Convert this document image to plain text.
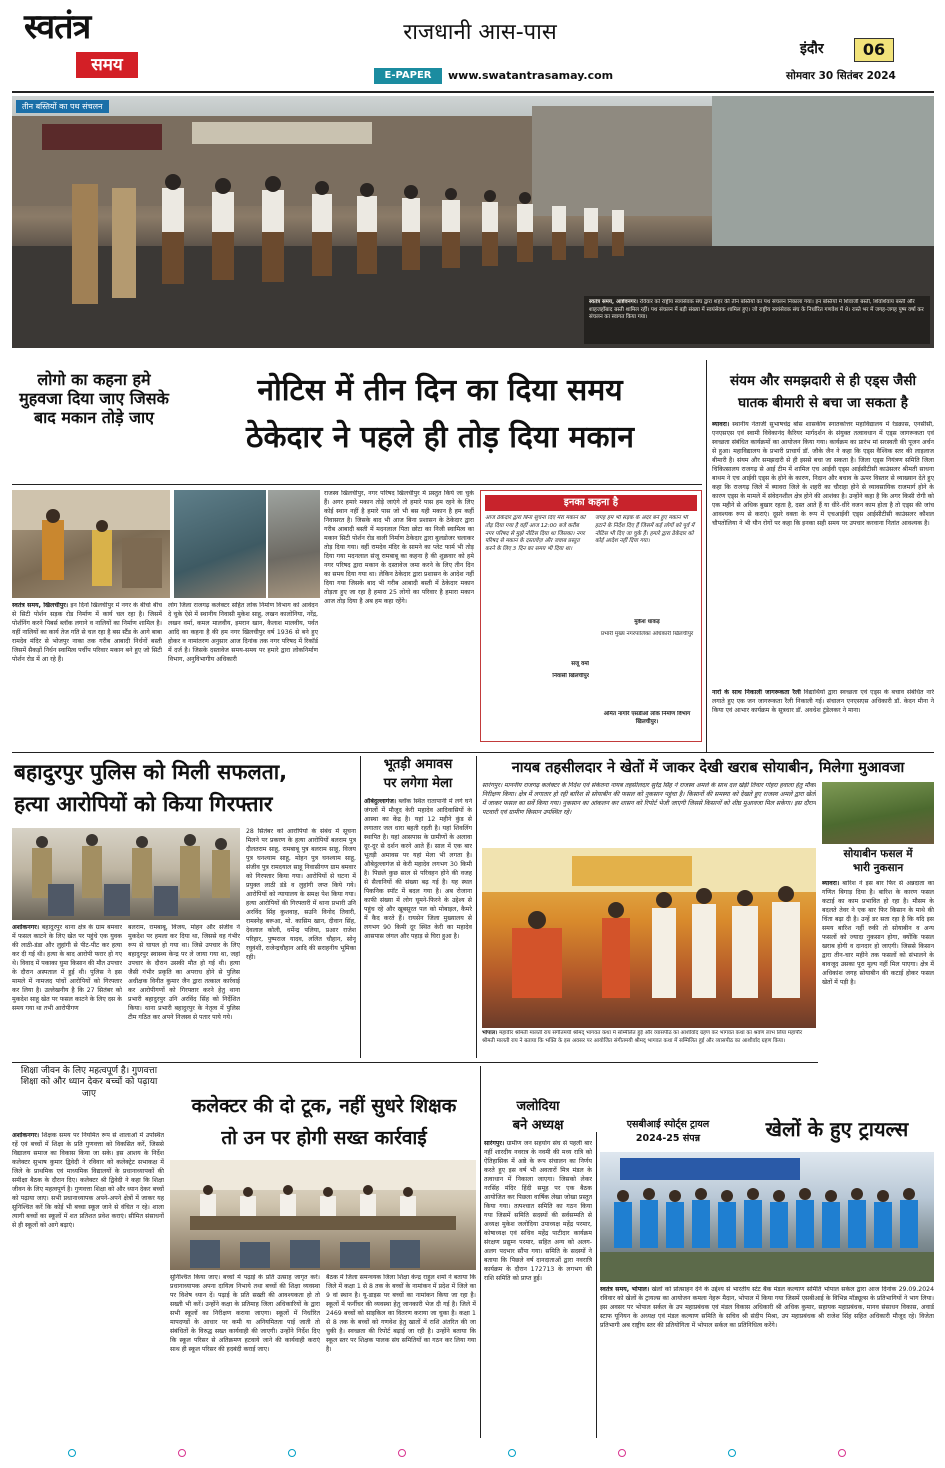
स्वतंत्र
समय
राजधानी आस-पास
E-PAPER	www.swatantrasamay.com
इंदौर	06
सोमवार 30 सितंबर 2024
तीन बस्तियों का पथ संचलन
स्वतंत्र समय, आष्टेवनगर। रविवार को राष्ट्रीय स्वयंसेवक संघ द्वारा शहर की तीन बस्तियों का पथ संचलन निकाला गया। इन बस्तियों में शिवाजी बस्ती, शिवशिवाय बस्ती और शाहजहाँबाद बस्ती शामिल रहीं। पथ संचलन में बड़ी संख्या में स्वयंसेवक शामिल हुए। जो राष्ट्रीय स्वयंसेवक संघ के निर्धारित गणवेश में थे। रास्ते भर में जगह-जगह पुष्प वर्षा कर संचलन का स्वागत किया गया।
लोगो का कहना हमे मुहवजा दिया जाए जिसके बाद मकान तोड़े जाए
नोटिस में तीन दिन का दिया समय
ठेकेदार ने पहले ही तोड़ दिया मकान
स्वतंत्र समय, खिलचीपुर। इन दिनों खिलचीपुर में नगर के बीचो बीच से सिटी पोर्शन सड़क रोड निर्माण में कार्य चल रहा है। जिसमें पोर्शनिंग करने पिबर्स ब्लॉक लगाने व नालियों का निर्माण शामिल है। वहीं नालियों का कार्य तेज गति से चल रहा है बस स्टैंड के आगे बाबा रामदेव मंदिर से भोजपुर नाका तक गरीब आबादी निर्धनों बस्ती जिसमें सैकड़ों निर्धन स्वामित्व पर्चीप परिवार मकान बने हुए जो सिटी पोर्शन रोड में आ रहे हैं।
लोग जिला राजगढ़ कलेक्टर सहित लोक निर्माण विभाग को आवेदन दे चुके ऐसे में स्थानीय निवासी मुकेश साहू, लखन कालोनिया, नरेंद्र, लखन वर्मा, कमल मालवीय, इमरान खान, कैलाश मालवीय, पर्वत आदि का कहना है की हम नगर खिलचीपुर वर्ष 1936 से बने हुए होकर व नामांतरण अनुसार आज दिनांक तक नगर परिषद में रिकॉर्ड में दर्ज है। जिसके दस्तावेज समय-समय पर हमारे द्वारा लोकनिर्माण विभाग, अनुविभागीय अधिकारी
राजस्व खिलचीपुर, नगर परिषद खिलचीपुर में प्रस्तुत किये जा चुके हैं। अगर हमारे मकान तोड़े जाएंगे तो हमारे पास हम रहने के लिए कोई स्थान नहीं है हमारे पास जो भी बस यही मकान है हम कहीं निवासरत है। जिसके बाद भी आज बिना प्रशासन के ठेकेदार द्वारा गरीब आबादी बस्ती में मदनलाल पिता छोटा का निजी स्वामित्व का मकान सिटी पोर्शन रोड वाली निर्माण ठेकेदार द्वारा बुलडोजर चलाकर तोड़ दिया गया। वहीं रामदेव मंदिर के सामने का प्लेट फार्म भी तोड़ दिया गया मदनलाल संजू रामबाबू का कहना है की शुक्रवार को हमे नगर परिषद द्वारा मकान के दस्तावेज जमा करने के लिए तीन दिन का समय दिया गया था। लेकिन ठेकेदार द्वारा प्रशासन के आदेश नहीं दिया गया जिसके बाद भी गरीब आबादी बस्ती में ठेकेदार मकान तोड़ता हुए जा रहा है हमारा 25 लोगो का परिवार है हमारा मकान आज तोड़ दिया है अब हम कहा रहेंगे।
इनका कहना है
आज ठेकेदार द्वारा बिना सूचना दिए मेरा मकान को तोड़ दिया गया है वहीं आज 12:00 बजे करीब नगर परिषद से मुझे नोटिस दिया था जिसका। नगर परिषद से मकान के दस्तावेज़ और जवाब प्रस्तुत करने के लिए 3 दिन का समय भी दिया था।
संजू वर्मा
निवासी खिलचीपुर
जगह हम भी सड़क के अंदर बने हुए मकान भी हटाने के निर्देश दिए हैं जिसमें कई लोगों को पूर्व में नोटिस भी दिए जा चुके हैं। हमारे द्वारा ठेकेदार को कोई आदेश नहीं दिया गया।
मुकेश धाकड़
प्रभारी मुख्य नगरपालिका अधिकारी खिलचीपुर
अमित नागोरे एसडीओ लोक निर्माण विभाग खिलचीपुर।
संयम और समझदारी से ही एड्स जैसी
घातक बीमारी से बचा जा सकता है
ब्यावरा। स्थानीय नेताजी सुभाषचंद्र बोस शासकीय स्नातकोत्तर महाविद्यालय में रेडक्रास, एनसीसी, एनएसएस एवं स्वामी विवेकानंद कैरियर मार्गदर्शन के संयुक्त तत्वावधान में एड्स जागरूकता एवं स्वच्छता संबंधित कार्यक्रमों का आयोजन किया गया। कार्यक्रम का प्रारंभ मां सरस्वती की पूजन अर्चन से हुआ। महाविद्यालय के प्रभारी प्राचार्य डॉ. जौके जैन ने कहा कि एड्स वैश्विक स्तर की लाइलाज बीमारी है। संयम और समझदारी से ही इससे बचा जा सकता है। जिला एड्स नियंत्रण समिति जिला चिकित्सालय राजगढ़ से आई टीम में शामिल एच आईवी एड्स आईसीटीसी काउंसलर श्रीमती साधना बाथम ने एच आईवी एड्स के होने के कारण, निदान और बचाव के ऊपर विस्तार से व्याख्यान देते हुए कहा कि राजगढ़ जिले में ब्यावरा जिले के शहरी का चौराहा होने से व्यावसायिक राजमार्ग होने के कारण एड्स के मामले में संवेदनशील क्षेत्र होने की आशंका है। उन्होंने कहा है कि अगर किसी रोगी को एक महीने से अधिक बुखार रहता है, दस्त आते हैं या धीरे-धीरे वजन काम होता है तो एड्स की जांच आवश्यक रूप से कराएं। दूसरे वक्ता के रूप में एचआईवी एड्स आईसीटीसी काउंसलर कौशल चौपतोलिया ने भी यौन रोगों पर कहा कि इनका सही समय पर उपचार करवाना नितांत आवश्यक है।
नारों के साथ निकाली जागरूकता रैली विद्यार्थियों द्वारा स्वच्छता एवं एड्स के बचाव संबंधित नारे लगाते हुए एक जन जागरूकता रैली निकाली गई। संचालन एनएसएस अधिकारी डॉ. केदन मीना ने किया एवं आभार कार्यक्रम के सूत्रधार डॉ. अवधेश टुंडेलकर ने माना।
बहादुरपुर पुलिस को मिली सफलता,
हत्या आरोपियों को किया गिरफ्तार
अशोकनगर। बहादुरपुर थाना क्षेत्र के ग्राम बमवार में फसल काटने के लिए खेत पर पहुंचे एक युवक की लाठी-डंडा और लुहांगी से पीट-पीट कर हत्या कर दी गई थी। हत्या के बाद आरोपी फरार हो गए थे। विवाद में पकाका घुमा किसान की मौत उपचार के दौरान अस्पताल में हुई थी। पुलिस ने इस मामले में नामजद पांचों आरोपियों को गिरफ्तार कर लिया है। उल्लेखनीय है कि 27 सितंबर को मुकदेश साहू खेत पर फसल काटने के लिए दस के समय गया था तभी आरोपीगण
बलराम, रामबाबू, विजय, मोहन और संजीव ने मुकदेश पर हमला कर दिया था, जिससे वह गंभीर रूप से घायल हो गया था। जिसे उपचार के लिए बहादुरपुर स्वास्थ्य केन्द्र पर ले जाया गया था, जहां उपचार के दौरान उसकी मौत हो गई थी। हत्या जैसी गंभीर प्रकृति का अपराध होने से पुलिस अधीक्षक विनीत कुमार जैन द्वारा तत्काल कार्रवाई कर आरोपीगणों को गिरफ्तार करने हेतु थाना प्रभारी बहादुरपुर उनि अरविंद सिंह को निर्देशित किया। थाना प्रभारी बहादुरपुर के नेतृत्व में पुलिस टीम गठित कर अपने निजस्व से पतार पाये गये।
28 सितंबर को आरोपियों के संबंध में सूचना मिलने पर प्रकरण के हत्या आरोपियों बलराम पुत्र दौलतराम साहू, रामबाबू पुत्र बलराम साहू, विजय पुत्र घनश्याम साहू, मोहन पुत्र घनश्याम साहू, संजीव पुत्र रामदयाल साहू निवासीगण ग्राम बमवार को गिरफ्तार किया गया। आरोपियों से घटना में प्रयुक्त लाठी डंडे व लुहांगी जप्त किये गये। आरोपियों को न्यायालय के समक्ष पेश किया गया। हत्या आरोपियों की गिरफ्तारी में थाना प्रभारी उनि अरविंद सिंह कुशवाह, सउनि विनोद तिवारी, रामस्नेह बरूआ, मो. कासिम खान, दीवान सिंह, देवलाल कोली, धर्मेन्द्र पलिया, प्रआर राजेश परिहार, पुष्पराज यादव, ललित चौहान, सोनू रघुवंशी, राजेन्द्रचौहान आदि की सराहनीय भूमिका रही।
भूतड़ी अमावस
पर लगेगा मेला
औबेदुल्लागंज। ब्लॉक स्थित रातापानी में लगे घने जंगलों में मौजूद केरी महादेव आदिवासियों के आस्था का केंद्र है। यहां 12 महीने कुंड से लगातार जल धारा बहती रहती है। यहां शिवलिंग स्थापित है। यहां आसपास के ग्रामीणों के अलावा दूर-दूर से दर्शन करने आते हैं। साल में एक बार भूतड़ी अमावस पर यहां मेला भी लगता है। औबेदुल्लागंज से केरी महादेव लगभग 30 किमी है। पिछले कुछ साल से परिवहन होने की वजह से सैलानियों की संख्या बढ़ गई है। यह स्थल पिकनिक स्पॉट में बदल गया है। अब रोजाना काफी संख्या में लोग घूमने-फिरने के उद्देश्य से पहुंच रहे और खूबसूरत पल को मोबाइल, कैमरे में कैद करते हैं। रायसेन जिला मुख्यालय से लगभग 90 किमी दूर स्थित केरी का महादेव आसपास जंगल और पहाड़ से घिरा हुआ है।
नायब तहसीलदार ने खेतों में जाकर देखी खराब सोयाबीन, मिलेगा मुआवजा
सारंगपुर। माननीय राजगढ़ कलेक्टर के निर्देश एवं संकेतना नायब तहसीलदार सुरेंद्र सिंह ने राजस्व अमले के साथ दल खेड़ी तिवार गोहरा हवाला हेतु मौका निरीक्षण किया। क्षेत्र में लगातार हो रही बारिश से सोयाबीन की फसल को नुकसान पहुंचा है। किसानों की समस्या को देखते हुए राजस्व अमले द्वारा खेतों में जाकर फसल का सर्वे किया गया। नुकसान का आंकलन कर शासन को रिपोर्ट भेजी जाएगी जिससे किसानों को शीघ्र मुआवजा मिल सकेगा। इस दौरान पटवारी एवं ग्रामीण किसान उपस्थित रहे।
भोपाल। महावीर श्रीमती मालती राय संगीतमयी श्रीमद् भागवत कथा में सम्मिलित हुई और व्यासपीठ का आशीर्वाद ग्रहण कर भागवत कथा का श्रवण लाभ लिया महापौर श्रीमती मालती राय ने बताया कि भक्ति के इस अवसर पर आयोजित संगीतमयी श्रीमद् भागवत कथा में सम्मिलित हुई और व्यासपीठ का आशीर्वाद ग्रहण किया।
सोयाबीन फसल में
भारी नुकसान
ब्यावरा। बारिश ने इस बार फिर से अन्नदाता का गणित बिगाड़ दिया है। बारिश के कारण फसल कटाई का काम प्रभावित हो रहा है। मौसम के बदलते तेवर ने एक बार फिर किसान के माथे की चिंता बढ़ा दी है। उन्हें डर सता रहा है कि यदि इस समय बारिश नहीं रुकी तो सोयाबीन व अन्य फसलों को ज्यादा नुकसान होगा, क्योंकि फसल खराब होगी व दानदार हो जाएगी। जिससे किसान द्वारा तीन-चार महीने तक फसलों को संभालने के बावजूद उसका पूरा मूल्य नहीं मिल पाएगा। क्षेत्र में अधिकांश जगह सोयाबीन की कटाई होकर फसल खेतों में पड़ी है।
शिक्षा जीवन के लिए महत्वपूर्ण है। गुणवत्ता शिक्षा को और ध्यान देकर बच्चों को पढ़ाया जाए
कलेक्टर की दो टूक, नहीं सुधरे शिक्षक
तो उन पर होगी सख्त कार्रवाई
अशोकनगर। शिक्षक समय पर नियमित रूप से शालाओं में उपस्थित रहें एवं बच्चों में शिक्षा के प्रति गुणवत्ता को विकसित करें, जिससे विद्यालय समाज का विकास किया जा सके। इस आशय के निर्देश कलेक्टर सुभाष कुमार द्विवेदी ने रविवार को कलेक्ट्रेट सभाकक्ष में जिले के प्राथमिक एवं माध्यमिक विद्यालयों के प्रधानाध्यापकों की समीक्षा बैठक के दौरान दिए। कलेक्टर श्री द्विवेदी ने कहा कि शिक्षा जीवन के लिए महत्वपूर्ण है। गुणवत्ता शिक्षा को और ध्यान देकर बच्चों को पढ़ाया जाए। सभी प्रधानाध्यापक अपने-अपने क्षेत्रों में जाकर यह सुनिश्चित करें कि कोई भी बच्चा स्कूल जाने से वंचित न रहे। शाला त्यागी बच्चों का स्कूलों में शत प्रतिशत प्रवेश कराएं। सीमित संसाधनों से ही स्कूलों को आगे बढ़ाएं।
सुनिश्चित किया जाए। बच्चों में पढ़ाई के प्रति उत्साह जागृत करें। प्रधानाध्यापक अपना दायित्व निभाये तथा बच्चों की शिक्षा व्यवस्था पर विशेष ध्यान दें। पढ़ाई के प्रति सख्ती की आवश्यकता हो तो सख्ती भी करें। उन्होंने कक्षा के प्रतिमाह जिला अधिकारियों के द्वारा सभी स्कूलों का निरीक्षण कराया जाएगा। स्कूलों में निर्धारित मापदण्डों के आधार पर कमी या अनियमितता पाई जाती तो संबंधितों के विरुद्ध सख्त कार्यवाही की जाएगी। उन्होंने निर्देश दिए कि स्कूल परिसर से अतिक्रमण हटवाये जाने की कार्यवाही कराएं साथ ही स्कूल परिसर की हदबंदी कराई जाए।
बैठक में जिला समन्वयक जिला शिक्षा केन्द्र राहुल शर्मा ने बताया कि जिले में कक्षा 1 से 8 तक के बच्चों के नामांकन में प्रदेश में जिले का 9 वां स्थान है। यू-डाइस पर बच्चों का नामांकन किया जा रहा है। स्कूलों में फर्नीचर की व्यवस्था हेतु जानकारी भेज दी गई है। जिले में 2469 बच्चों को साइकिल का वितरण कराया जा चुका है। कक्षा 1 से 8 तक के बच्चों को गणवेश हेतु खातों में राशि अंतरित की जा चुकी है। स्वच्छता की रिपोर्ट बढ़ाई जा रही है। उन्होंने बताया कि स्कूल स्तर पर शिक्षक पालक संघ समितियों का गठन कर लिया गया है।
जलोदिया
बने अध्यक्ष
सारंगपुर। ग्रामीण जन सहयोग संघ से पहली बार नहीं शारदीय नवरात्र के नवमी की मध्य रात्रि को ऐतिहासिक में अष्ठे के रूप संचालन का निर्णय करते हुए इस वर्ष भी अवतारों मित्र मंडल के तत्वाधान में निकाला जाएगा। जिसको लेकर नरसिंह मंदिर हिंदी समूह पर एक बैठक आयोजित कर पिछला वार्षिक लेखा जोखा प्रस्तुत किया गया। तत्पश्चात समिति का गठन किया गया जिसमें समिति सदस्यों की सर्वसम्मति से अध्यक्ष मुकेश जलोदिया उपाध्यक्ष महेंद्र परमार, कोषाध्यक्ष एवं सचिव महेंद्र पाटीदार कार्यक्रम संरक्षण प्रद्युम्न परमार, सहित अन्य को अलग-अलग पदभार सौंपा गया। समिति के सदस्यों ने बताया कि पिछले वर्ष दानदाताओं द्वारा नवरात्रि कार्यक्रम के दौरान 172713 के लगभग की राशि समिति को प्राप्त हुई।
एसबीआई स्पोर्ट्स ट्रायल
2024-25 संपन्न	खेलों के हुए ट्रायल्स
स्वतंत्र समय, भोपाल। खेलों को प्रोत्साहन देने के उद्देश्य से भारतीय स्टेट बैंक मंडल कल्याण समिति भोपाल सर्कल द्वारा आज दिनांक 29.09.2024 रविवार को खेलों के ट्रायल्स का आयोजन कमला नेहरू मैदान, भोपाल में किया गया जिसमें एसबीआई के विभिन्न मॉड्यूल्स के प्रतिभागियों ने भाग लिया। इस अवसर पर भोपाल सर्कल के उप महाप्रबंधक एवं मंडल विकास अधिकारी श्री अधिक कुमार, सहायक महाप्रबंधक, मानव संसाधन विकास, अवार्ड स्टाफ यूनियन के अध्यक्ष एवं मंडल कल्याण समिति के सचिव श्री संदीप मिश्रा, उप महाप्रबंधक श्री राजेश सिंह सहित अधिकारी मौजूद रहे। विजेता प्रतिभागी अब राष्ट्रीय स्तर की प्रतियोगिता में भोपाल सर्कल का प्रतिनिधित्व करेंगे।
